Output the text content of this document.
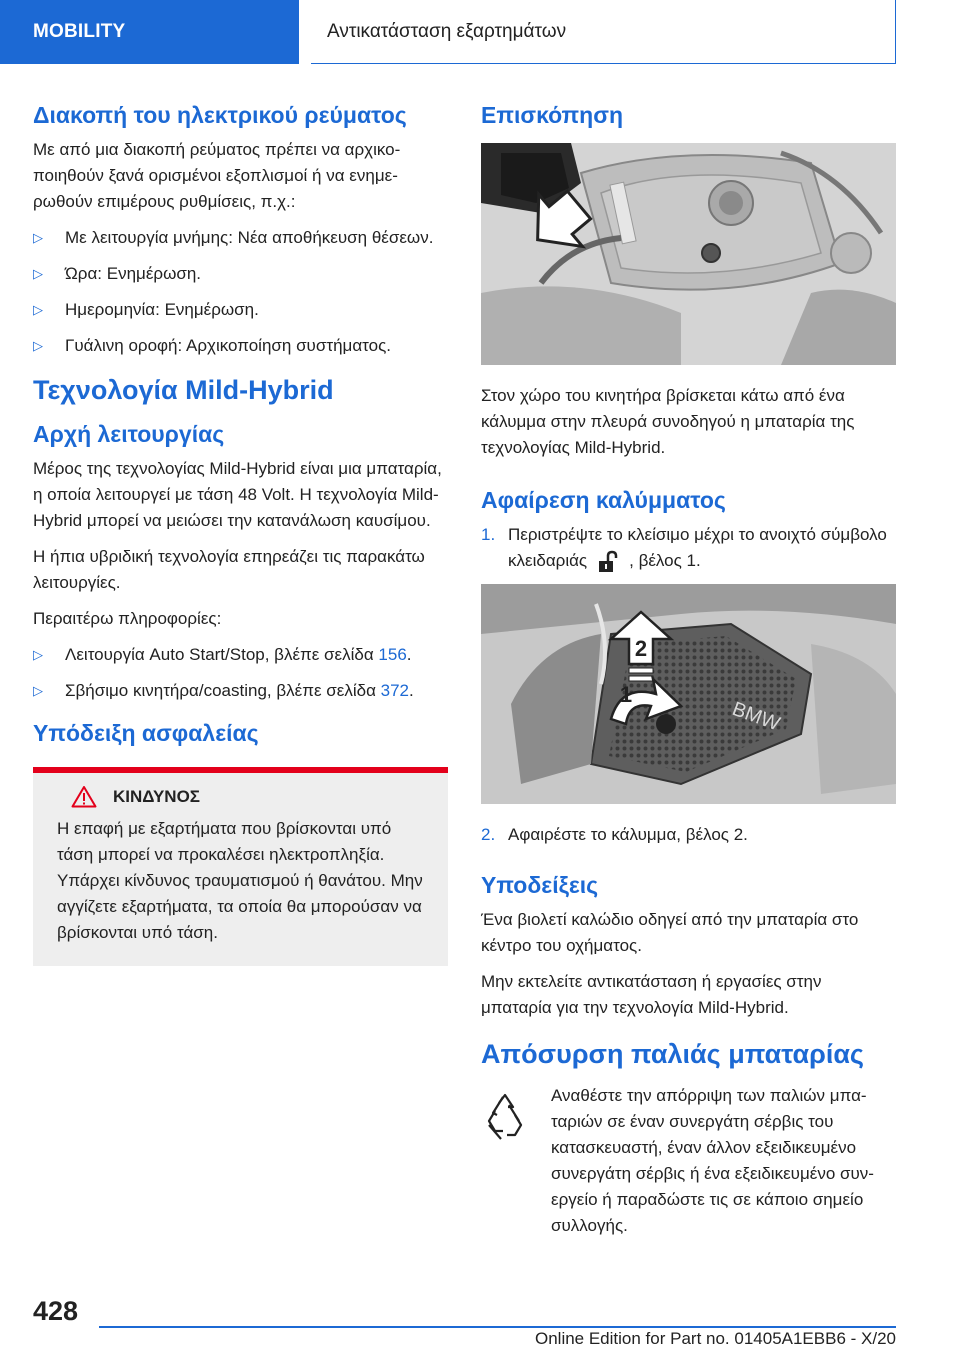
MOBILITY	Αντικατάσταση εξαρτημάτων
Διακοπή του ηλεκτρικού ρεύματος

Με από μια διακοπή ρεύματος πρέπει να αρχικοποιηθούν ξανά ορισμένοι εξοπλισμοί ή να ενημερωθούν επιμέρους ρυθμίσεις, π.χ.:

▷ Με λειτουργία μνήμης: Νέα αποθήκευση θέσεων.
▷ Ώρα: Ενημέρωση.
▷ Ημερομηνία: Ενημέρωση.
▷ Γυάλινη οροφή: Αρχικοποίηση συστήματος.
Τεχνολογία Mild-Hybrid
Αρχή λειτουργίας

Μέρος της τεχνολογίας Mild-Hybrid είναι μια μπαταρία, η οποία λειτουργεί με τάση 48 Volt. Η τεχνολογία Mild-Hybrid μπορεί να μειώσει την κατανάλωση καυσίμου.

Η ήπια υβριδική τεχνολογία επηρεάζει τις παρακάτω λειτουργίες.

Περαιτέρω πληροφορίες:

▷ Λειτουργία Auto Start/Stop, βλέπε σελίδα 156.
▷ Σβήσιμο κινητήρα/coasting, βλέπε σελίδα 372.
Υπόδειξη ασφαλείας
ΚΙΝΔΥΝΟΣ

Η επαφή με εξαρτήματα που βρίσκονται υπό τάση μπορεί να προκαλέσει ηλεκτροπληξία. Υπάρχει κίνδυνος τραυματισμού ή θανάτου. Μην αγγίζετε εξαρτήματα, τα οποία θα μπορούσαν να βρίσκονται υπό τάση.

Επισκόπηση

Στον χώρο του κινητήρα βρίσκεται κάτω από ένα κάλυμμα στην πλευρά συνοδηγού η μπαταρία της τεχνολογίας Mild-Hybrid.

Αφαίρεση καλύμματος
1. Περιστρέψτε το κλείσιμο μέχρι το ανοιχτό σύμβολο κλειδαριάς , βέλος 1.
2
1
BMW
2. Αφαιρέστε το κάλυμμα, βέλος 2.
Υποδείξεις

Ένα βιολετί καλώδιο οδηγεί από την μπαταρία στο κέντρο του οχήματος.

Μην εκτελείτε αντικατάσταση ή εργασίες στην μπαταρία για την τεχνολογία Mild-Hybrid.

Απόσυρση παλιάς μπαταρίας

Αναθέστε την απόρριψη των παλιών μπαταριών σε έναν συνεργάτη σέρβις του κατασκευαστή, έναν άλλον εξειδικευμένο συνεργάτη σέρβις ή ένα εξειδικευμένο συνεργείο ή παραδώστε τις σε κάποιο σημείο συλλογής.

428
Online Edition for Part no. 01405A1EBB6 - X/20
